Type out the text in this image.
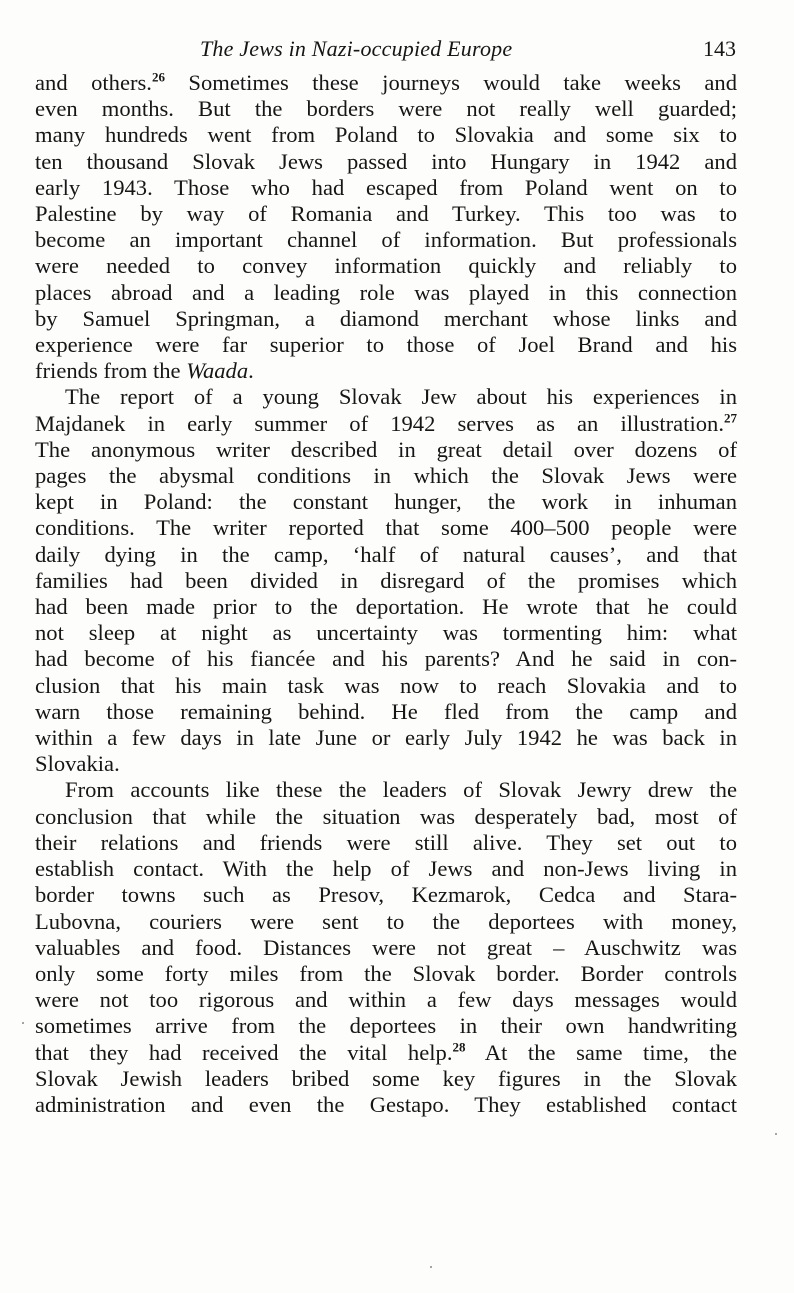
The Jews in Nazi-occupied Europe	143

and others.$^{26}$ Sometimes these journeys would take weeks and
even months. But the borders were not really well guarded;
many hundreds went from Poland to Slovakia and some six to
ten thousand Slovak Jews passed into Hungary in 1942 and
early 1943. Those who had escaped from Poland went on to
Palestine by way of Romania and Turkey. This too was to
become an important channel of information. But professionals
were needed to convey information quickly and reliably to
places abroad and a leading role was played in this connection
by Samuel Springman, a diamond merchant whose links and
experience were far superior to those of Joel Brand and his
friends from the Waada.

The report of a young Slovak Jew about his experiences in
Majdanek in early summer of 1942 serves as an illustration.$^{27}$
The anonymous writer described in great detail over dozens of
pages the abysmal conditions in which the Slovak Jews were
kept in Poland: the constant hunger, the work in inhuman
conditions. The writer reported that some 400–500 people were
daily dying in the camp, ‘half of natural causes’, and that
families had been divided in disregard of the promises which
had been made prior to the deportation. He wrote that he could
not sleep at night as uncertainty was tormenting him: what
had become of his fiancée and his parents? And he said in con-
clusion that his main task was now to reach Slovakia and to
warn those remaining behind. He fled from the camp and
within a few days in late June or early July 1942 he was back in
Slovakia.

From accounts like these the leaders of Slovak Jewry drew the
conclusion that while the situation was desperately bad, most of
their relations and friends were still alive. They set out to
establish contact. With the help of Jews and non-Jews living in
border towns such as Presov, Kezmarok, Cedca and Stara-
Lubovna, couriers were sent to the deportees with money,
valuables and food. Distances were not great – Auschwitz was
only some forty miles from the Slovak border. Border controls
were not too rigorous and within a few days messages would
sometimes arrive from the deportees in their own handwriting
that they had received the vital help.$^{28}$ At the same time, the
Slovak Jewish leaders bribed some key figures in the Slovak
administration and even the Gestapo. They established contact
